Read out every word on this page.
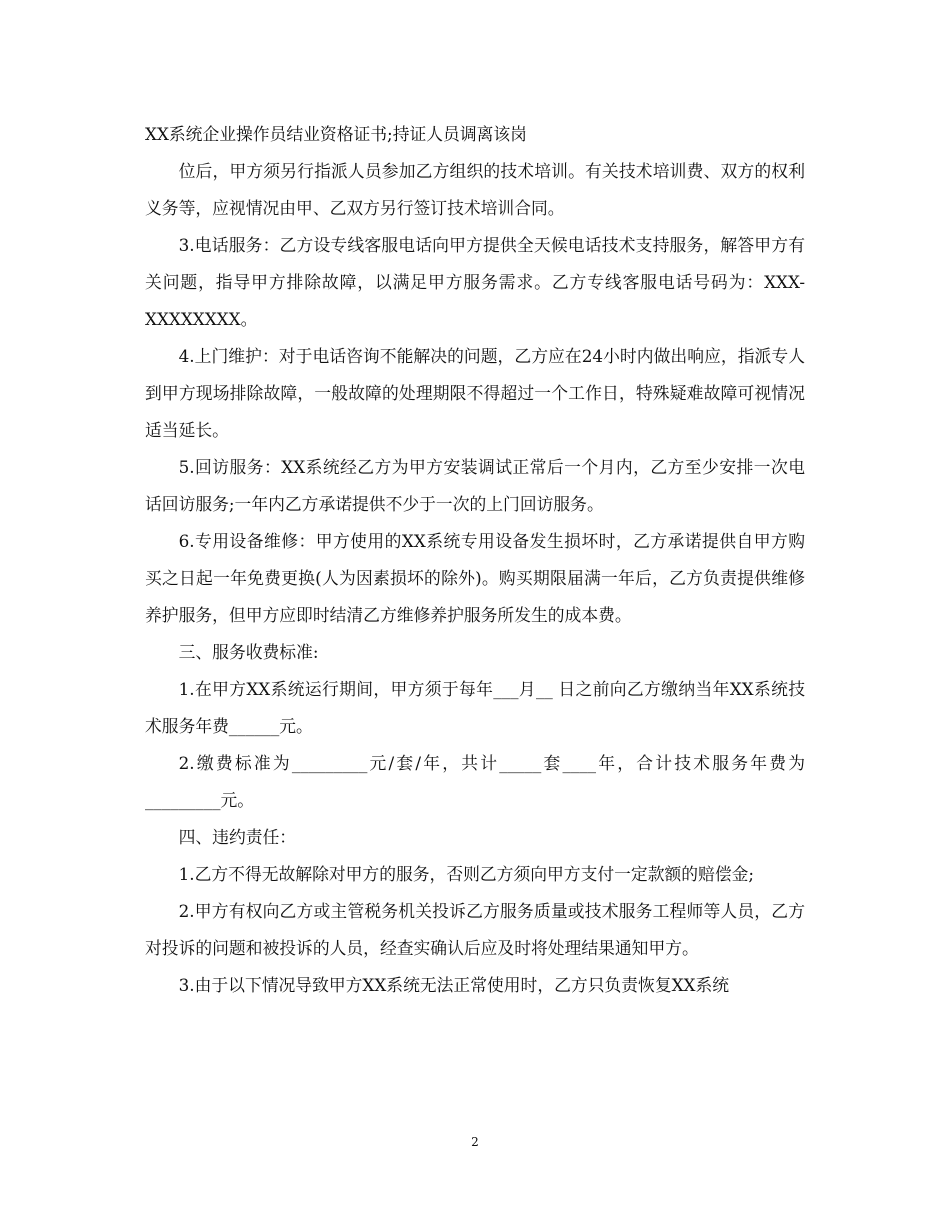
XX系统企业操作员结业资格证书;持证人员调离该岗

位后，甲方须另行指派人员参加乙方组织的技术培训。有关技术培训费、双方的权利义务等，应视情况由甲、乙双方另行签订技术培训合同。

3.电话服务：乙方设专线客服电话向甲方提供全天候电话技术支持服务，解答甲方有关问题，指导甲方排除故障，以满足甲方服务需求。乙方专线客服电话号码为：XXX-XXXXXXXX。

4.上门维护：对于电话咨询不能解决的问题，乙方应在24小时内做出响应，指派专人到甲方现场排除故障，一般故障的处理期限不得超过一个工作日，特殊疑难故障可视情况适当延长。

5.回访服务：XX系统经乙方为甲方安装调试正常后一个月内，乙方至少安排一次电话回访服务;一年内乙方承诺提供不少于一次的上门回访服务。

6.专用设备维修：甲方使用的XX系统专用设备发生损坏时，乙方承诺提供自甲方购买之日起一年免费更换(人为因素损坏的除外)。购买期限届满一年后，乙方负责提供维修养护服务，但甲方应即时结清乙方维修养护服务所发生的成本费。

三、服务收费标准:

1.在甲方XX系统运行期间，甲方须于每年___月__ 日之前向乙方缴纳当年XX系统技术服务年费______元。

2.缴费标准为_________元/套/年，共计_____套____年，合计技术服务年费为_________元。

四、违约责任：

1.乙方不得无故解除对甲方的服务，否则乙方须向甲方支付一定款额的赔偿金;

2.甲方有权向乙方或主管税务机关投诉乙方服务质量或技术服务工程师等人员，乙方对投诉的问题和被投诉的人员，经查实确认后应及时将处理结果通知甲方。

3.由于以下情况导致甲方XX系统无法正常使用时，乙方只负责恢复XX系统

2
